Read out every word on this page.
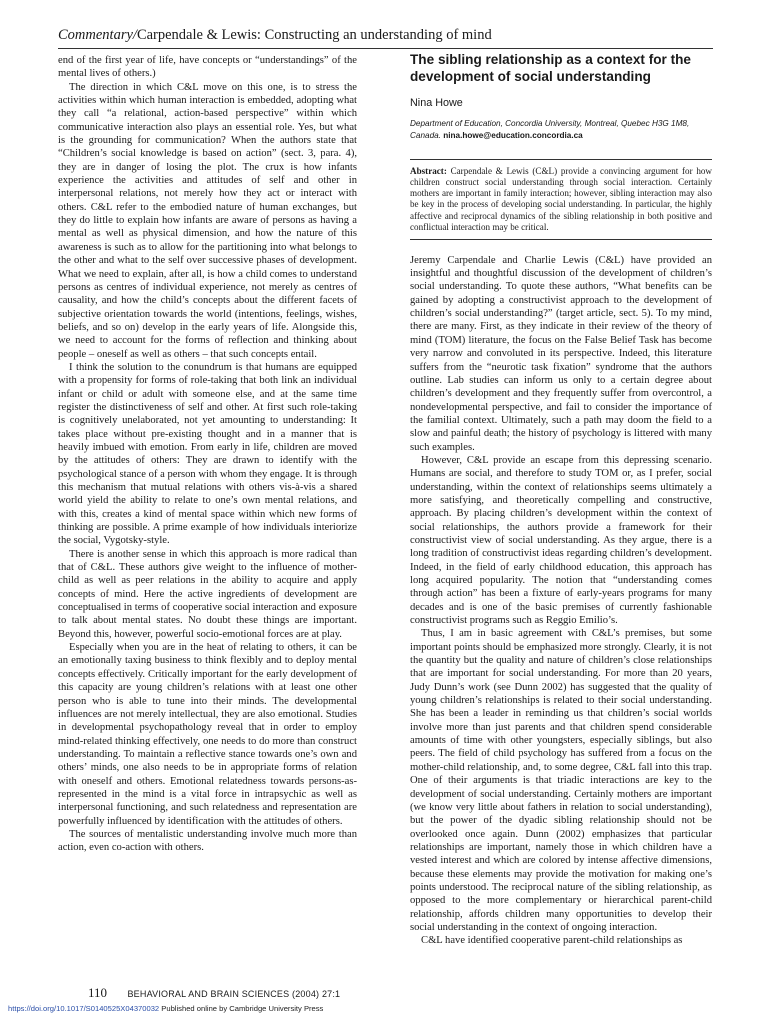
Commentary/Carpendale & Lewis: Constructing an understanding of mind

end of the first year of life, have concepts or “understandings” of the mental lives of others.)

The direction in which C&L move on this one, is to stress the activities within which human interaction is embedded, adopting what they call “a relational, action-based perspective” within which communicative interaction also plays an essential role. Yes, but what is the grounding for communication? When the authors state that “Children’s social knowledge is based on action” (sect. 3, para. 4), they are in danger of losing the plot. The crux is how infants experience the activities and attitudes of self and other in interpersonal relations, not merely how they act or interact with others. C&L refer to the embodied nature of human exchanges, but they do little to explain how infants are aware of persons as having a mental as well as physical dimension, and how the nature of this awareness is such as to allow for the partitioning into what belongs to the other and what to the self over successive phases of development. What we need to explain, after all, is how a child comes to understand persons as centres of individual experience, not merely as centres of causality, and how the child’s concepts about the different facets of subjective orientation towards the world (intentions, feelings, wishes, beliefs, and so on) develop in the early years of life. Alongside this, we need to account for the forms of reflection and thinking about people – oneself as well as others – that such concepts entail.

I think the solution to the conundrum is that humans are equipped with a propensity for forms of role-taking that both link an individual infant or child or adult with someone else, and at the same time register the distinctiveness of self and other. At first such role-taking is cognitively unelaborated, not yet amounting to understanding: It takes place without pre-existing thought and in a manner that is heavily imbued with emotion. From early in life, children are moved by the attitudes of others: They are drawn to identify with the psychological stance of a person with whom they engage. It is through this mechanism that mutual relations with others vis-à-vis a shared world yield the ability to relate to one’s own mental relations, and with this, creates a kind of mental space within which new forms of thinking are possible. A prime example of how individuals interiorize the social, Vygotsky-style.

There is another sense in which this approach is more radical than that of C&L. These authors give weight to the influence of mother-child as well as peer relations in the ability to acquire and apply concepts of mind. Here the active ingredients of development are conceptualised in terms of cooperative social interaction and exposure to talk about mental states. No doubt these things are important. Beyond this, however, powerful socio-emotional forces are at play.

Especially when you are in the heat of relating to others, it can be an emotionally taxing business to think flexibly and to deploy mental concepts effectively. Critically important for the early development of this capacity are young children’s relations with at least one other person who is able to tune into their minds. The developmental influences are not merely intellectual, they are also emotional. Studies in developmental psychopathology reveal that in order to employ mind-related thinking effectively, one needs to do more than construct understanding. To maintain a reflective stance towards one’s own and others’ minds, one also needs to be in appropriate forms of relation with oneself and others. Emotional relatedness towards persons-as-represented in the mind is a vital force in intrapsychic as well as interpersonal functioning, and such relatedness and representation are powerfully influenced by identification with the attitudes of others.

The sources of mentalistic understanding involve much more than action, even co-action with others.

The sibling relationship as a context for the development of social understanding
Nina Howe
Department of Education, Concordia University, Montreal, Quebec H3G 1M8, Canada. nina.howe@education.concordia.ca
Abstract: Carpendale & Lewis (C&L) provide a convincing argument for how children construct social understanding through social interaction. Certainly mothers are important in family interaction; however, sibling interaction may also be key in the process of developing social understanding. In particular, the highly affective and reciprocal dynamics of the sibling relationship in both positive and conflictual interaction may be critical.

Jeremy Carpendale and Charlie Lewis (C&L) have provided an insightful and thoughtful discussion of the development of children’s social understanding. To quote these authors, “What benefits can be gained by adopting a constructivist approach to the development of children’s social understanding?” (target article, sect. 5). To my mind, there are many. First, as they indicate in their review of the theory of mind (TOM) literature, the focus on the False Belief Task has become very narrow and convoluted in its perspective. Indeed, this literature suffers from the “neurotic task fixation” syndrome that the authors outline. Lab studies can inform us only to a certain degree about children’s development and they frequently suffer from overcontrol, a nondevelopmental perspective, and fail to consider the importance of the familial context. Ultimately, such a path may doom the field to a slow and painful death; the history of psychology is littered with many such examples.

However, C&L provide an escape from this depressing scenario. Humans are social, and therefore to study TOM or, as I prefer, social understanding, within the context of relationships seems ultimately a more satisfying, and theoretically compelling and constructive, approach. By placing children’s development within the context of social relationships, the authors provide a framework for their constructivist view of social understanding. As they argue, there is a long tradition of constructivist ideas regarding children’s development. Indeed, in the field of early childhood education, this approach has long acquired popularity. The notion that “understanding comes through action” has been a fixture of early-years programs for many decades and is one of the basic premises of currently fashionable constructivist programs such as Reggio Emilio’s.

Thus, I am in basic agreement with C&L’s premises, but some important points should be emphasized more strongly. Clearly, it is not the quantity but the quality and nature of children’s close relationships that are important for social understanding. For more than 20 years, Judy Dunn’s work (see Dunn 2002) has suggested that the quality of young children’s relationships is related to their social understanding. She has been a leader in reminding us that children’s social worlds involve more than just parents and that children spend considerable amounts of time with other youngsters, especially siblings, but also peers. The field of child psychology has suffered from a focus on the mother-child relationship, and, to some degree, C&L fall into this trap. One of their arguments is that triadic interactions are key to the development of social understanding. Certainly mothers are important (we know very little about fathers in relation to social understanding), but the power of the dyadic sibling relationship should not be overlooked once again. Dunn (2002) emphasizes that particular relationships are important, namely those in which children have a vested interest and which are colored by intense affective dimensions, because these elements may provide the motivation for making one’s points understood. The reciprocal nature of the sibling relationship, as opposed to the more complementary or hierarchical parent-child relationship, affords children many opportunities to develop their social understanding in the context of ongoing interaction.

C&L have identified cooperative parent-child relationships as

110 BEHAVIORAL AND BRAIN SCIENCES (2004) 27:1
https://doi.org/10.1017/S0140525X04370032 Published online by Cambridge University Press
